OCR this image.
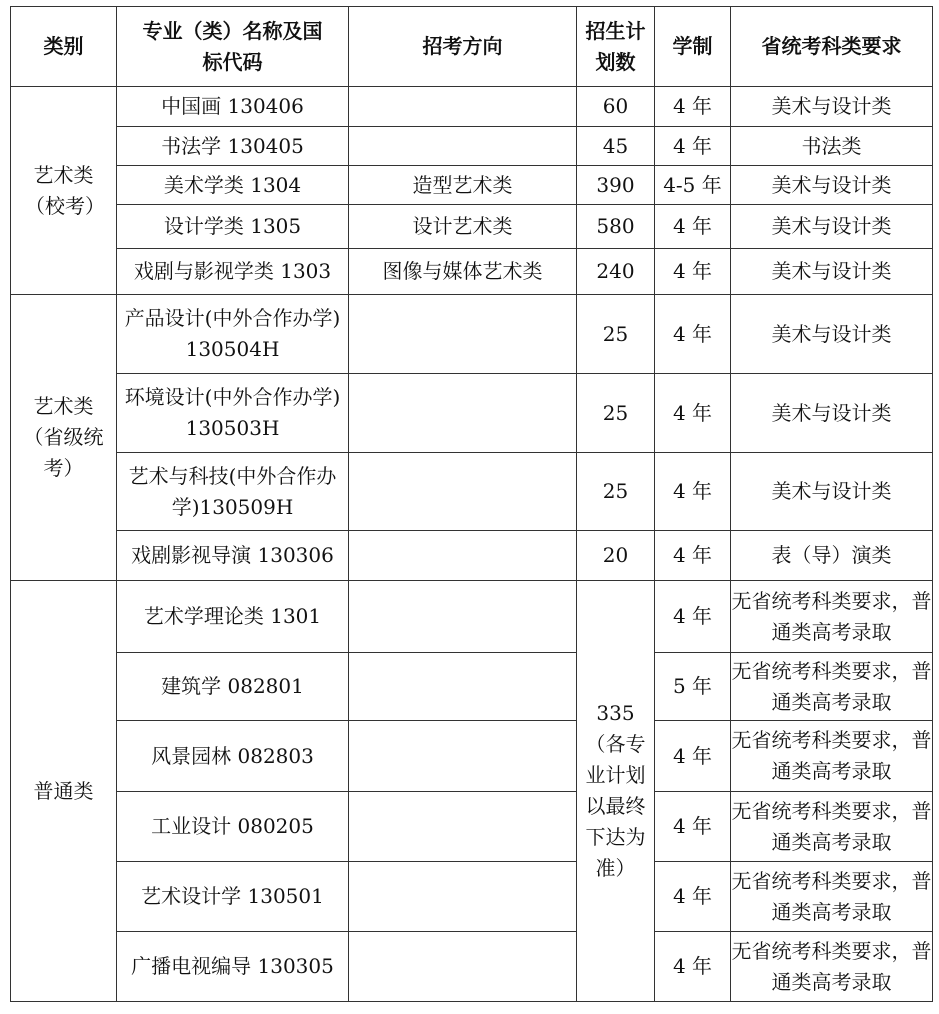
类别	专业（类）名称及国标代码	招考方向	招生计划数	学制	省统考科类要求
艺术类（校考）	中国画 130406		60	4 年	美术与设计类
	书法学 130405		45	4 年	书法类
	美术学类 1304	造型艺术类	390	4-5 年	美术与设计类
	设计学类 1305	设计艺术类	580	4 年	美术与设计类
	戏剧与影视学类 1303	图像与媒体艺术类	240	4 年	美术与设计类
艺术类（省级统考）	产品设计(中外合作办学)130504H		25	4 年	美术与设计类
	环境设计(中外合作办学)130503H		25	4 年	美术与设计类
	艺术与科技(中外合作办学)130509H		25	4 年	美术与设计类
	戏剧影视导演 130306		20	4 年	表（导）演类
普通类	艺术学理论类 1301		335（各专业计划以最终下达为准）	4 年	无省统考科类要求，普通类高考录取
	建筑学 082801			5 年	无省统考科类要求，普通类高考录取
	风景园林 082803			4 年	无省统考科类要求，普通类高考录取
	工业设计 080205			4 年	无省统考科类要求，普通类高考录取
	艺术设计学 130501			4 年	无省统考科类要求，普通类高考录取
	广播电视编导 130305			4 年	无省统考科类要求，普通类高考录取
